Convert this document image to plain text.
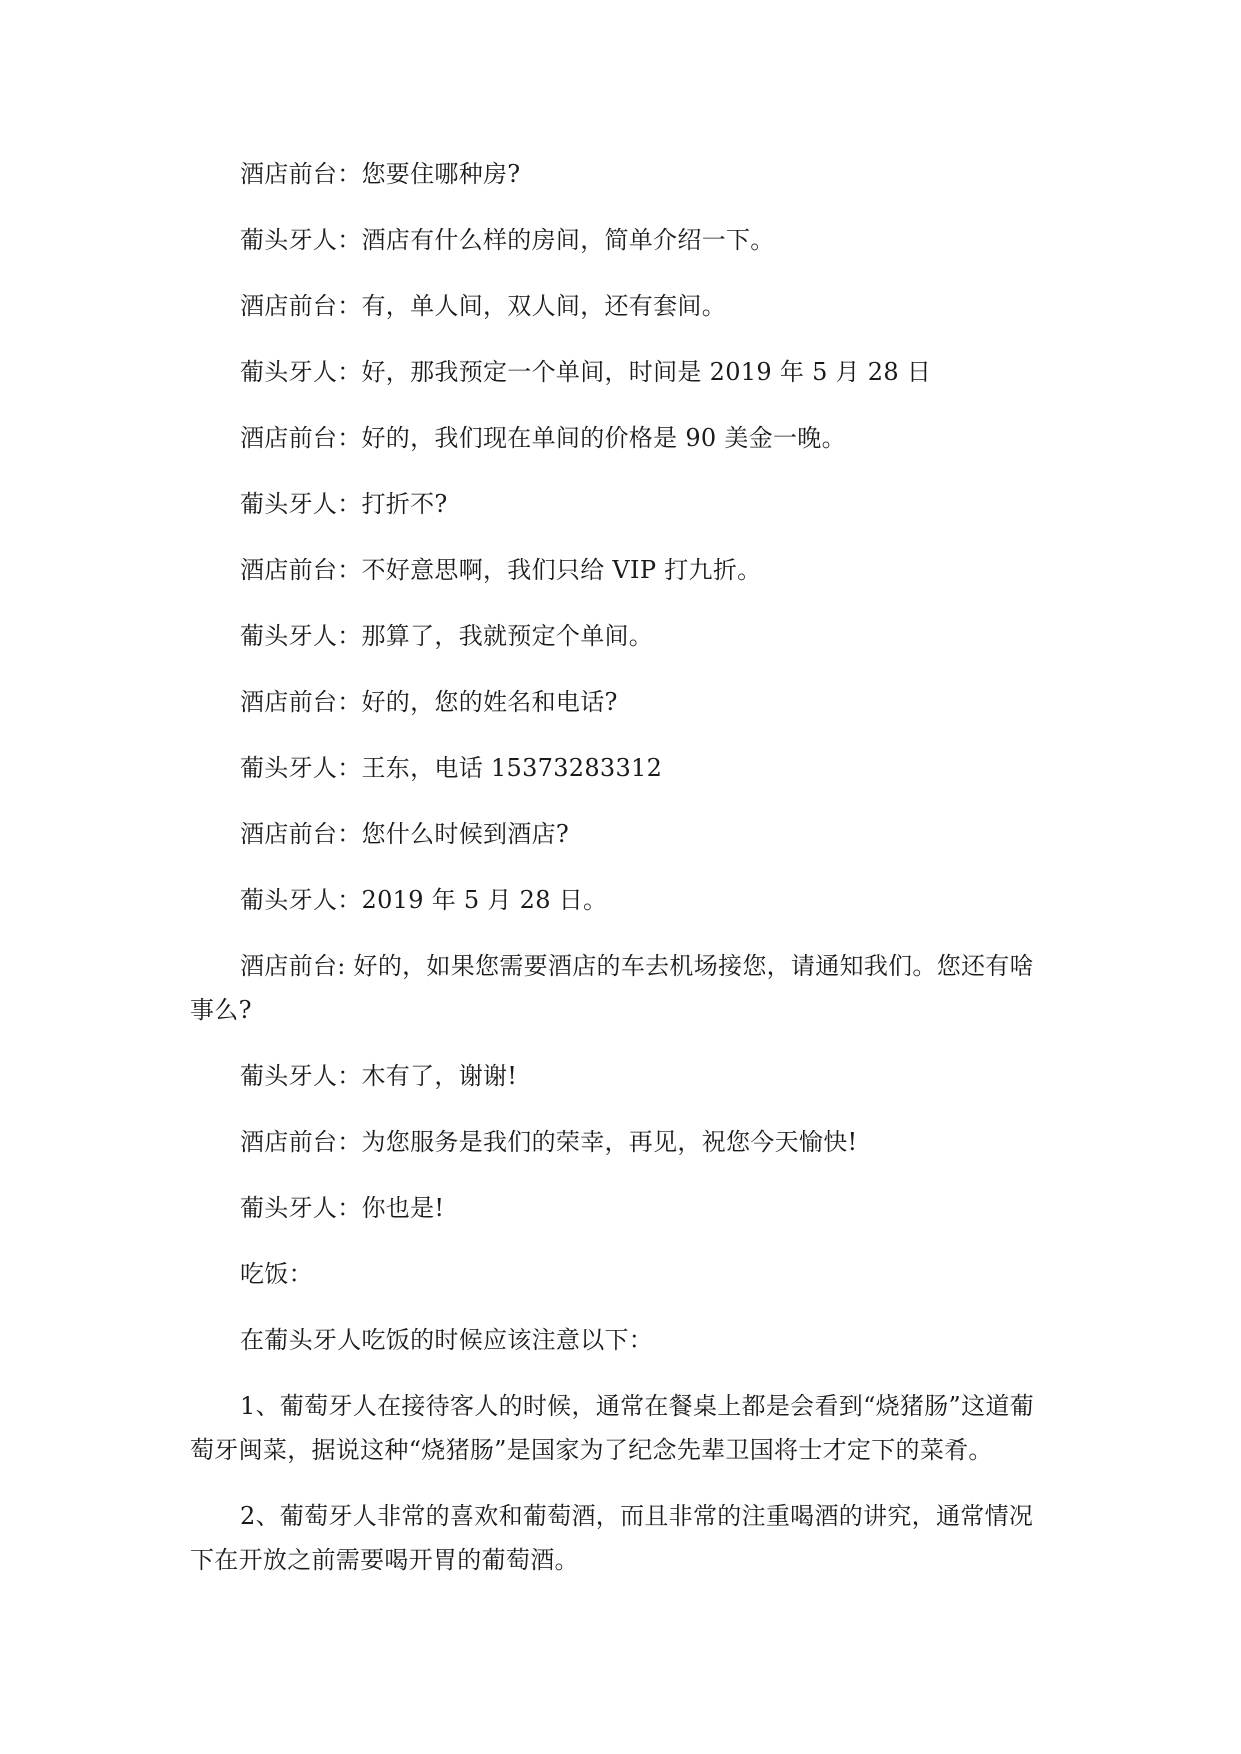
酒店前台：您要住哪种房?

葡头牙人：酒店有什么样的房间，简单介绍一下。

酒店前台：有，单人间，双人间，还有套间。

葡头牙人：好，那我预定一个单间，时间是 2019 年 5 月 28 日

酒店前台：好的，我们现在单间的价格是 90 美金一晚。

葡头牙人：打折不?

酒店前台：不好意思啊，我们只给 VIP 打九折。

葡头牙人：那算了，我就预定个单间。

酒店前台：好的，您的姓名和电话?

葡头牙人：王东，电话 15373283312

酒店前台：您什么时候到酒店?

葡头牙人：2019 年 5 月 28 日。

酒店前台: 好的，如果您需要酒店的车去机场接您，请通知我们。您还有啥事么?

葡头牙人：木有了，谢谢!

酒店前台：为您服务是我们的荣幸，再见，祝您今天愉快!

葡头牙人：你也是!

吃饭：

在葡头牙人吃饭的时候应该注意以下：

1、葡萄牙人在接待客人的时候，通常在餐桌上都是会看到“烧猪肠”这道葡萄牙闽菜，据说这种“烧猪肠”是国家为了纪念先辈卫国将士才定下的菜肴。

2、葡萄牙人非常的喜欢和葡萄酒，而且非常的注重喝酒的讲究，通常情况下在开放之前需要喝开胃的葡萄酒。
